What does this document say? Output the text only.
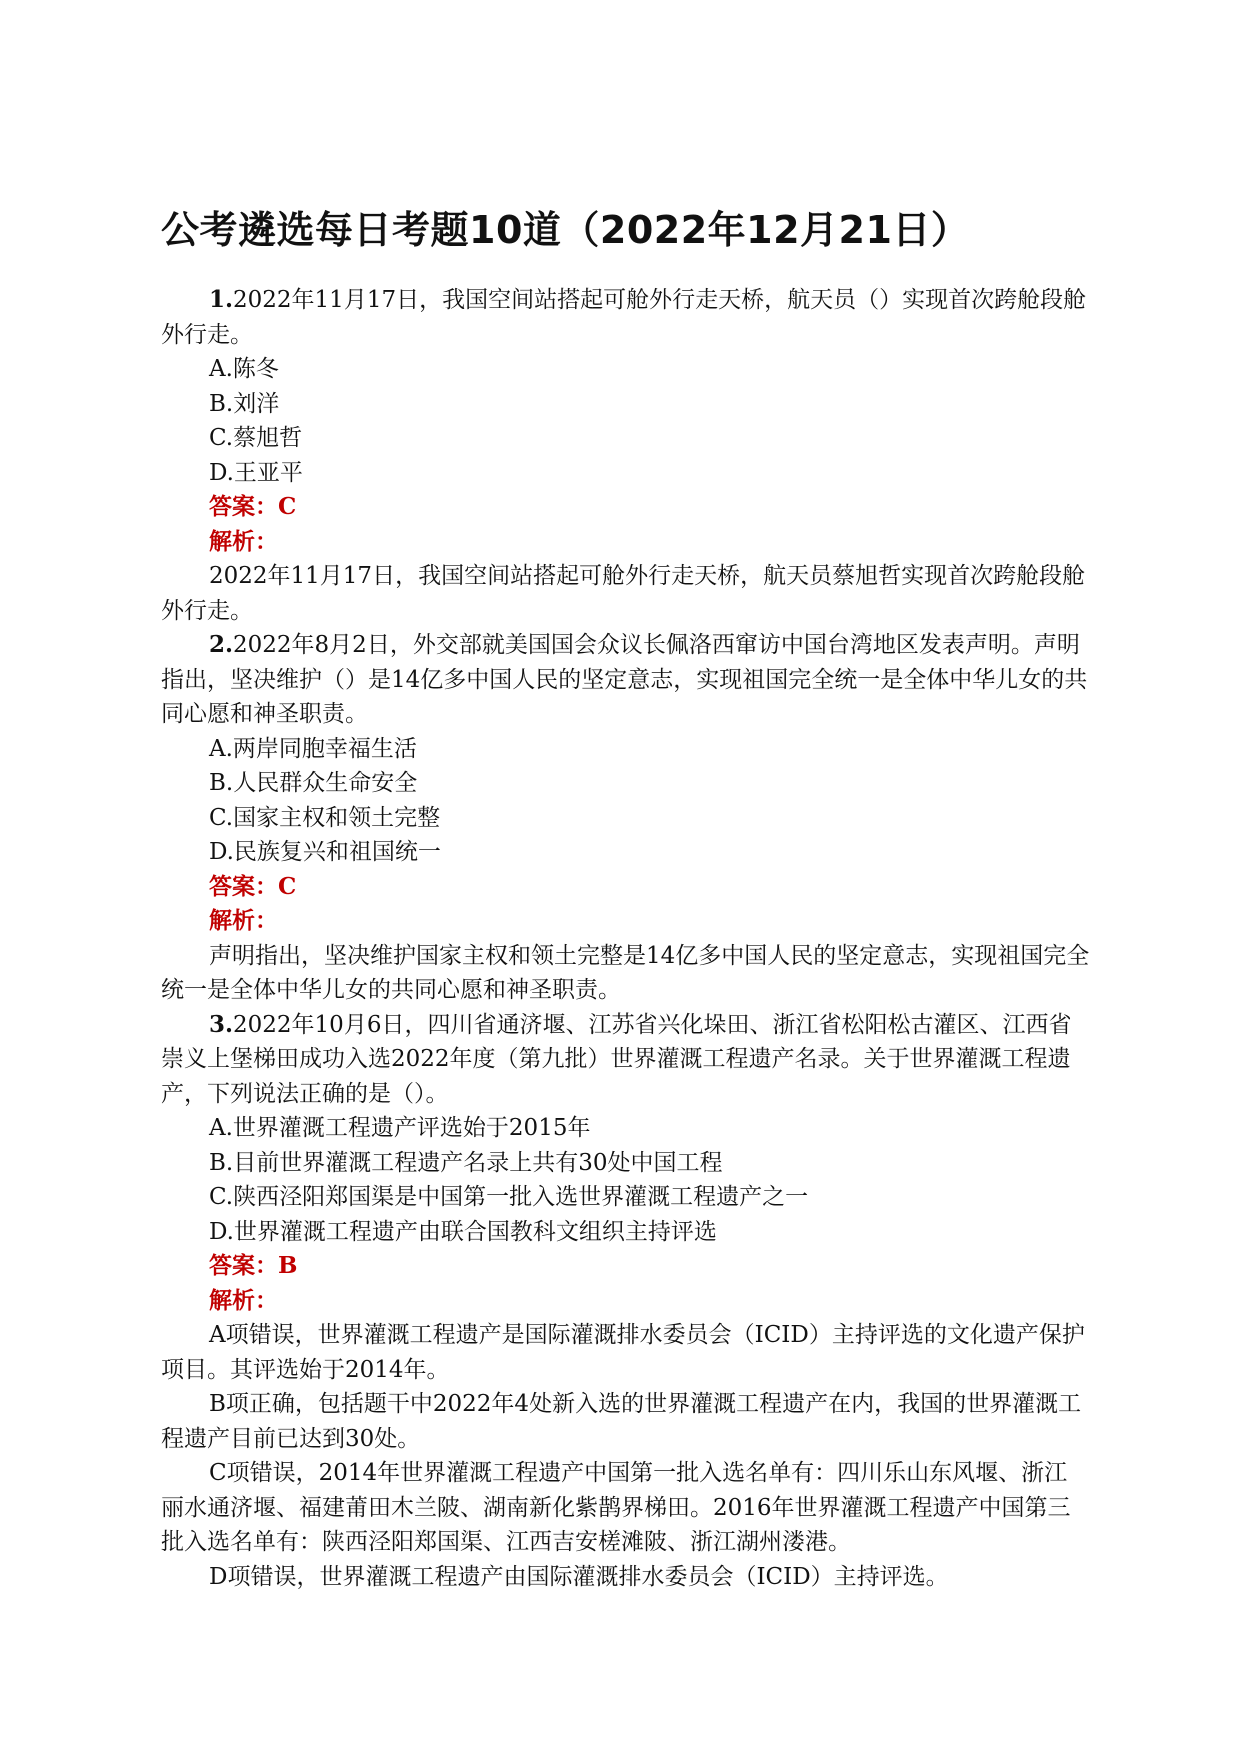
公考遴选每日考题10道（2022年12月21日）

1.2022年11月17日，我国空间站搭起可舱外行走天桥，航天员（）实现首次跨舱段舱外行走。

A.陈冬

B.刘洋

C.蔡旭哲

D.王亚平

答案：C

解析：

2022年11月17日，我国空间站搭起可舱外行走天桥，航天员蔡旭哲实现首次跨舱段舱外行走。

2.2022年8月2日，外交部就美国国会众议长佩洛西窜访中国台湾地区发表声明。声明指出，坚决维护（）是14亿多中国人民的坚定意志，实现祖国完全统一是全体中华儿女的共同心愿和神圣职责。

A.两岸同胞幸福生活

B.人民群众生命安全

C.国家主权和领土完整

D.民族复兴和祖国统一

答案：C

解析：

声明指出，坚决维护国家主权和领土完整是14亿多中国人民的坚定意志，实现祖国完全统一是全体中华儿女的共同心愿和神圣职责。

3.2022年10月6日，四川省通济堰、江苏省兴化垛田、浙江省松阳松古灌区、江西省崇义上堡梯田成功入选2022年度（第九批）世界灌溉工程遗产名录。关于世界灌溉工程遗产，下列说法正确的是（）。

A.世界灌溉工程遗产评选始于2015年

B.目前世界灌溉工程遗产名录上共有30处中国工程

C.陕西泾阳郑国渠是中国第一批入选世界灌溉工程遗产之一

D.世界灌溉工程遗产由联合国教科文组织主持评选

答案：B

解析：

A项错误，世界灌溉工程遗产是国际灌溉排水委员会（ICID）主持评选的文化遗产保护项目。其评选始于2014年。

B项正确，包括题干中2022年4处新入选的世界灌溉工程遗产在内，我国的世界灌溉工程遗产目前已达到30处。

C项错误，2014年世界灌溉工程遗产中国第一批入选名单有：四川乐山东风堰、浙江丽水通济堰、福建莆田木兰陂、湖南新化紫鹊界梯田。2016年世界灌溉工程遗产中国第三批入选名单有：陕西泾阳郑国渠、江西吉安槎滩陂、浙江湖州溇港。

D项错误，世界灌溉工程遗产由国际灌溉排水委员会（ICID）主持评选。
